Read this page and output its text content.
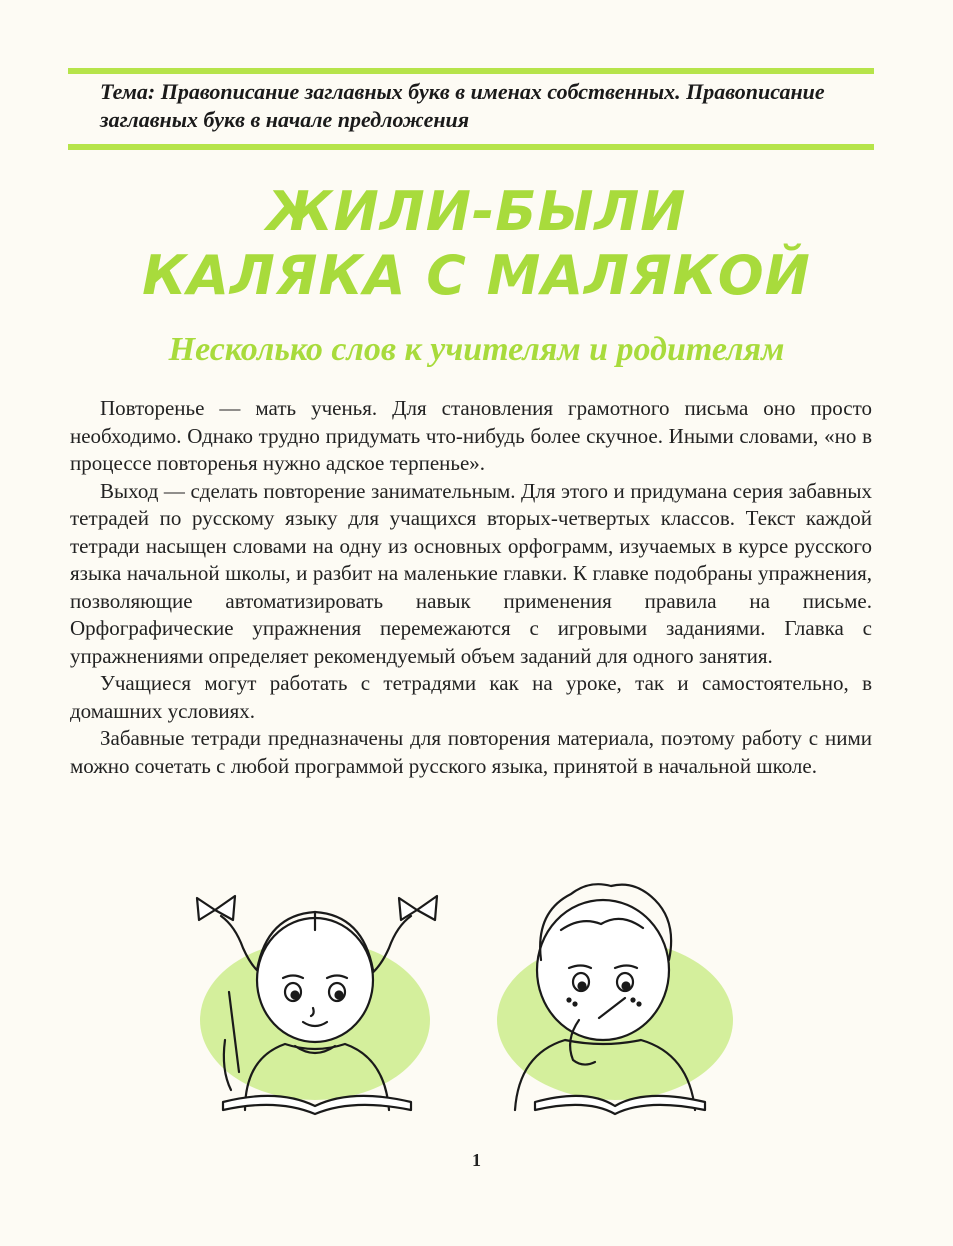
Тема: Правописание заглавных букв в именах собственных. Правописание заглавных букв в начале предложения

ЖИЛИ-БЫЛИ
КАЛЯКА С МАЛЯКОЙ
Несколько слов к учителям и родителям

Повторенье — мать ученья. Для становления грамотного письма оно просто необходимо. Однако трудно придумать что-нибудь более скучное. Иными словами, «но в процессе повторенья нужно адское терпенье».

Выход — сделать повторение занимательным. Для этого и придумана серия забавных тетрадей по русскому языку для учащихся вторых-четвертых классов. Текст каждой тетради насыщен словами на одну из основных орфограмм, изучаемых в курсе русского языка начальной школы, и разбит на маленькие главки. К главке подобраны упражнения, позволяющие автоматизировать навык применения правила на письме. Орфографические упражнения перемежаются с игровыми заданиями. Главка с упражнениями определяет рекомендуемый объем заданий для одного занятия.

Учащиеся могут работать с тетрадями как на уроке, так и самостоятельно, в домашних условиях.

Забавные тетради предназначены для повторения материала, поэтому работу с ними можно сочетать с любой программой русского языка, принятой в начальной школе.

1
